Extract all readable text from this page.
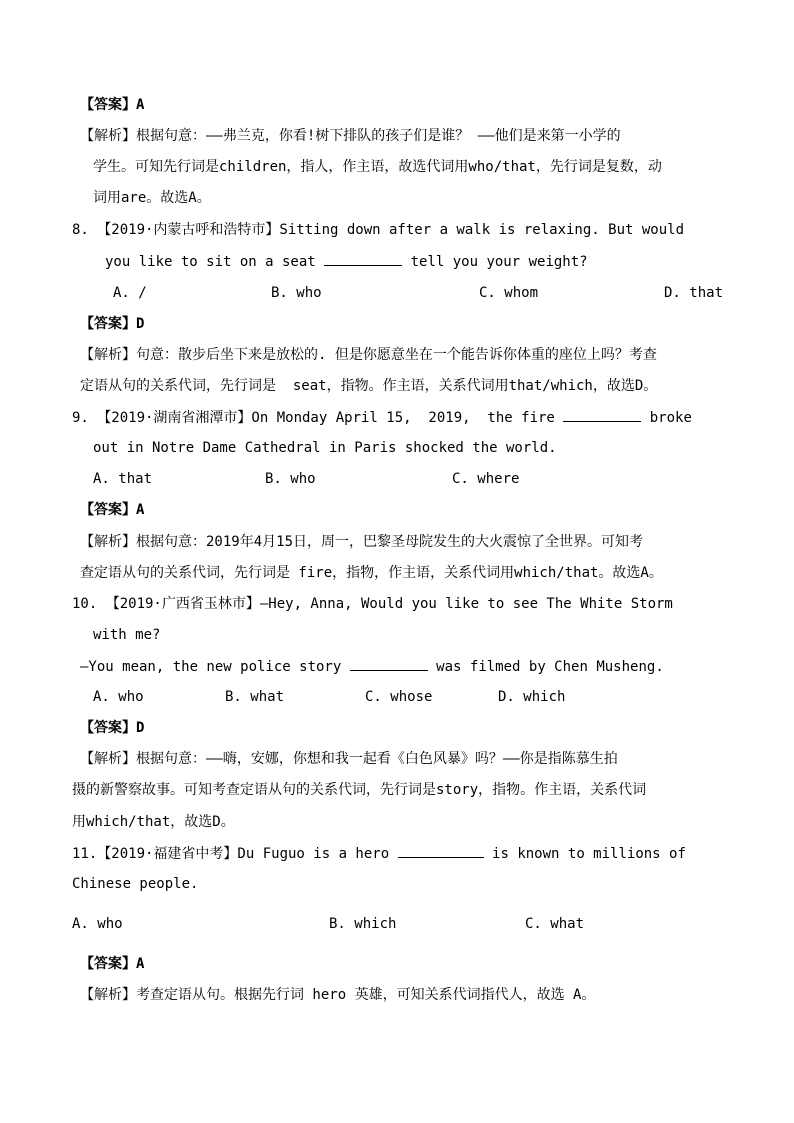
【答案】A
【解析】根据句意：——弗兰克，你看!树下排队的孩子们是谁？ ——他们是来第一小学的
学生。可知先行词是children，指人，作主语，故选代词用who/that，先行词是复数，动
词用are。故选A。
8. 【2019·内蒙古呼和浩特市】Sitting down after a walk is relaxing. But would
you like to sit on a seat	tell you your weight?
A. /	B. who	C. whom	D. that
【答案】D
【解析】句意：散步后坐下来是放松的. 但是你愿意坐在一个能告诉你体重的座位上吗？考查
定语从句的关系代词，先行词是  seat，指物。作主语，关系代词用that/which，故选D。
9. 【2019·湖南省湘潭市】On Monday April 15,  2019,  the fire	broke
out in Notre Dame Cathedral in Paris shocked the world.
A. that	B. who	C. where
【答案】A
【解析】根据句意：2019年4月15日，周一，巴黎圣母院发生的大火震惊了全世界。可知考
查定语从句的关系代词，先行词是 fire，指物，作主语，关系代词用which/that。故选A。
10. 【2019·广西省玉林市】—Hey, Anna, Would you like to see The White Storm
with me?
—You mean, the new police story	was filmed by Chen Musheng.
A. who	B. what	C. whose	D. which
【答案】D
【解析】根据句意：——嗨，安娜，你想和我一起看《白色风暴》吗？——你是指陈慕生拍
摄的新警察故事。可知考查定语从句的关系代词，先行词是story，指物。作主语，关系代词
用which/that，故选D。
11.【2019·福建省中考】Du Fuguo is a hero	is known to millions of
Chinese people.
A. who	B. which	C. what
【答案】A
【解析】考查定语从句。根据先行词 hero 英雄，可知关系代词指代人，故选 A。
